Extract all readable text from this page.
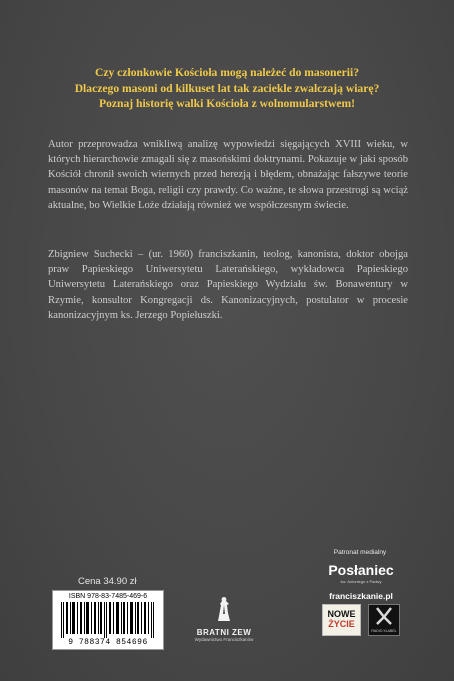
Czy członkowie Kościoła mogą należeć do masonerii?
Dlaczego masoni od kilkuset lat tak zaciekle zwalczają wiarę?
Poznaj historię walki Kościoła z wolnomularstwem!
Autor przeprowadza wnikliwą analizę wypowiedzi sięgających XVIII wieku, w których hierarchowie zmagali się z masońskimi doktrynami. Pokazuje w jaki sposób Kościół chronił swoich wiernych przed herezją i błędem, obnażając fałszywe teorie masonów na temat Boga, religii czy prawdy. Co ważne, te słowa przestrogi są wciąż aktualne, bo Wielkie Loże działają również we współczesnym świecie.
Zbigniew Suchecki – (ur. 1960) franciszkanin, teolog, kanonista, doktor obojga praw Papieskiego Uniwersytetu Laterańskiego, wykładowca Papieskiego Uniwersytetu Laterańskiego oraz Papieskiego Wydziału św. Bonawentury w Rzymie, konsultor Kongregacji ds. Kanonizacyjnych, postulator w procesie kanonizacyjnym ks. Jerzego Popiełuszki.
Cena 34.90 zł
ISBN 978-83-7485-469-6
9 788374 854696
BRATNI ZEW
Wydawnictwo Franciszkanów
Patronat medialny
Posłaniec
św. Antoniego z Padwy
franciszkanie.pl
NOWE
ŻYCIE
RADIO XLABEL
